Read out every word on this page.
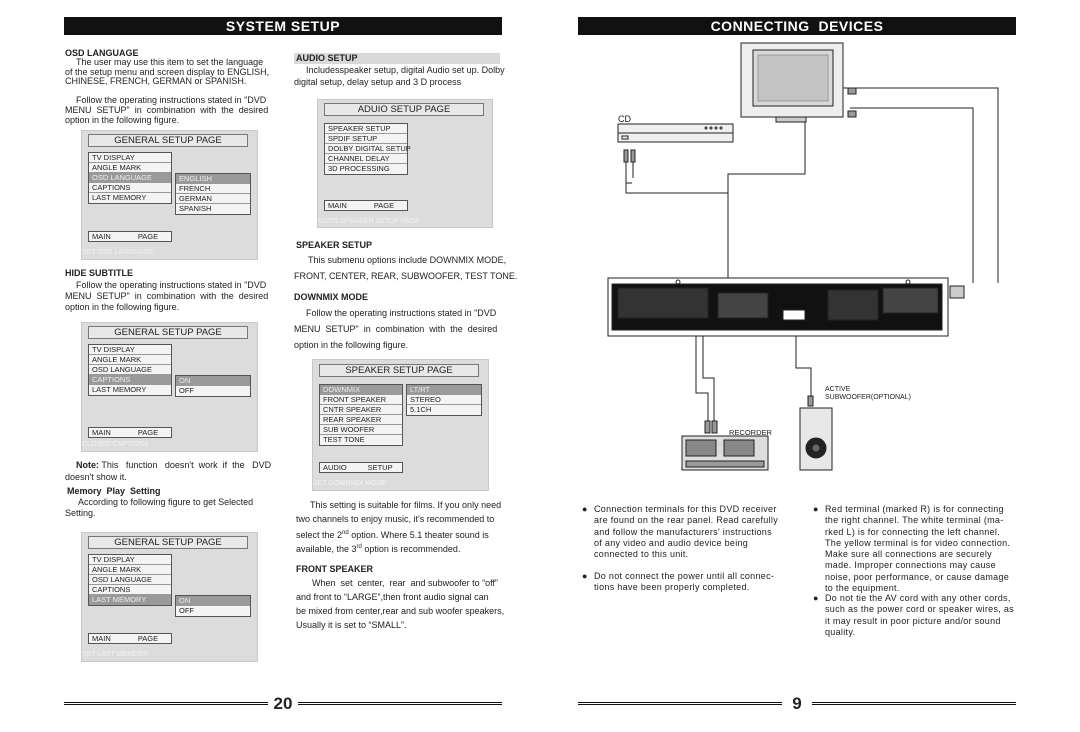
SYSTEM SETUP
OSD LANGUAGE

The user may use this item to set the language

of the setup menu and screen display to ENGLISH,

CHINESE, FRENCH, GERMAN or SPANISH.

Follow the operating instructions stated in "DVD

MENU  SETUP"  in  combination  with  the  desired

option in the following figure.

GENERAL SETUP PAGE
TV DISPLAY
ANGLE MARK
OSD LANGUAGE
CAPTIONS
LAST MEMORY
ENGLISH
FRENCH
GERMAN
SPANISH
MAIN             PAGE
SET OSD LANGUAGE
HIDE SUBTITLE

Follow the operating instructions stated in "DVD

MENU  SETUP"  in  combination  with  the  desired

option in the following figure.

GENERAL SETUP PAGE
TV DISPLAY
ANGLE MARK
OSD LANGUAGE
CAPTIONS
LAST MEMORY
ON
OFF
MAIN             PAGE
CLOSED CAPTIONS

Note: This   function   doesn't  work  if  the   DVD

doesn't show it.

Memory  Play  Setting

According to following figure to get Selected

Setting.

GENERAL SETUP PAGE
TV DISPLAY
ANGLE MARK
OSD LANGUAGE
CAPTIONS
LAST MEMORY	ON
OFF
MAIN             PAGE
SET LAST MEMORY
AUDIO SETUP

Includesspeaker setup, digital Audio set up. Dolby

digital setup, delay setup and 3 D process

ADUIO SETUP PAGE
SPEAKER SETUP
SPDIF SETUP
DOLBY DIGITAL SETUP
CHANNEL DELAY
3D PROCESSING
MAIN             PAGE
GOTO SPEAKER SETUP PAGE
SPEAKER SETUP

This submenu options include DOWNMIX MODE,

FRONT, CENTER, REAR, SUBWOOFER, TEST TONE.

DOWNMIX MODE

Follow the operating instructions stated in "DVD

MENU  SETUP"  in  combination  with  the  desired

option in the following figure.

SPEAKER SETUP PAGE
DOWNMIX
FRONT SPEAKER
CNTR SPEAKER
REAR SPEAKER
SUB WOOFER
TEST TONE
LT/RT
STEREO
5.1CH
AUDIO          SETUP
SET DOWNMIX MODE

This setting is suitable for films. If you only need

two channels to enjoy music, it's recommended to

select the 2nd option. Where 5.1 theater sound is

available, the 3rd option is recommended.

FRONT SPEAKER

When  set  center,  rear  and subwoofer to “off”

and front to “LARGE”,then front audio signal can

be mixed from center,rear and sub woofer speakers,

Usually it is set to “SMALL”.

20
CONNECTING  DEVICES
CD
RECORDER
ACTIVE
SUBWOOFER(OPTIONAL)
● Connection terminals for this DVD receiver
are found on the rear panel. Read carefully
and follow the manufacturers' instructions
of any video and audio device being
connected to this unit.
● Do not connect the power until all connec-
tions have been properly completed.
● Red terminal (marked R) is for connecting
the right channel. The white terminal (ma-
rked L) is for connecting the left channel.
The yellow terminal is for video connection.
Make sure all connections are securely
made. Improper connections may cause
noise, poor performance, or cause damage
to the equipment.
● Do not tie the AV cord with any other cords,
such as the power cord or speaker wires, as
it may result in poor picture and/or sound
quality.
9
